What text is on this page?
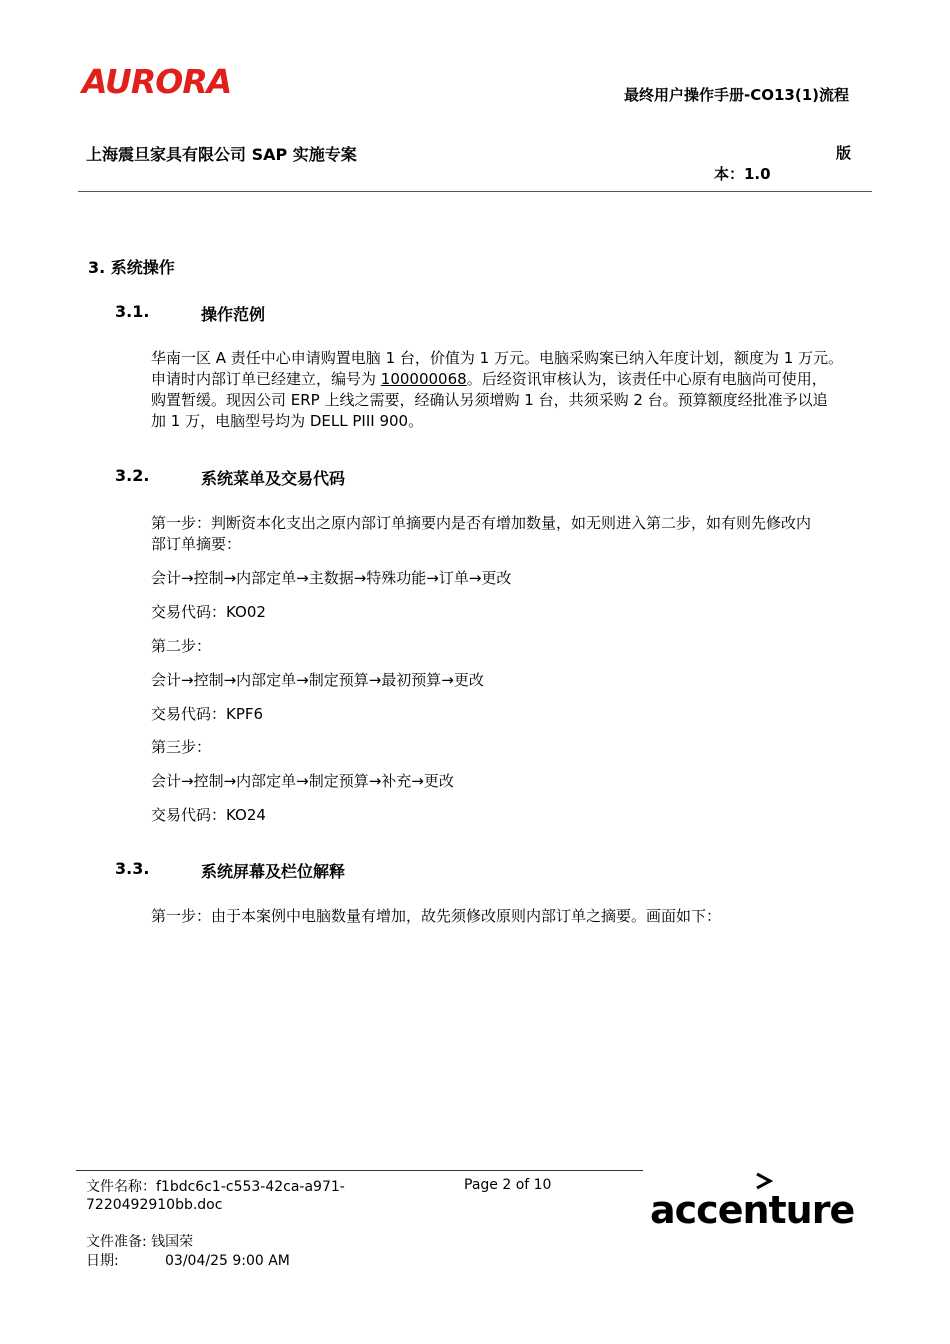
AURORA	最终用户操作手册-CO13(1)流程
上海震旦家具有限公司 SAP 实施专案	版
本：1.0
3. 系统操作
3.1.	操作范例
华南一区 A 责任中心申请购置电脑 1 台，价值为 1 万元。电脑采购案已纳入年度计划，额度为 1 万元。
申请时内部订单已经建立，编号为 100000068。后经资讯审核认为，该责任中心原有电脑尚可使用，
购置暂缓。现因公司 ERP 上线之需要，经确认另须增购 1 台，共须采购 2 台。预算额度经批准予以追
加 1 万，电脑型号均为 DELL PIII 900。
3.2.	系统菜单及交易代码
第一步：判断资本化支出之原内部订单摘要内是否有增加数量，如无则进入第二步，如有则先修改内
部订单摘要：
会计→控制→内部定单→主数据→特殊功能→订单→更改
交易代码：KO02
第二步：
会计→控制→内部定单→制定预算→最初预算→更改
交易代码：KPF6
第三步：
会计→控制→内部定单→制定预算→补充→更改
交易代码：KO24
3.3.	系统屏幕及栏位解释
第一步：由于本案例中电脑数量有增加，故先须修改原则内部订单之摘要。画面如下：
文件名称：f1bdc6c1-c553-42ca-a971-
7220492910bb.doc
Page 2 of 10
文件准备: 钱国荣
日期:	03/04/25 9:00 AM
accenture
